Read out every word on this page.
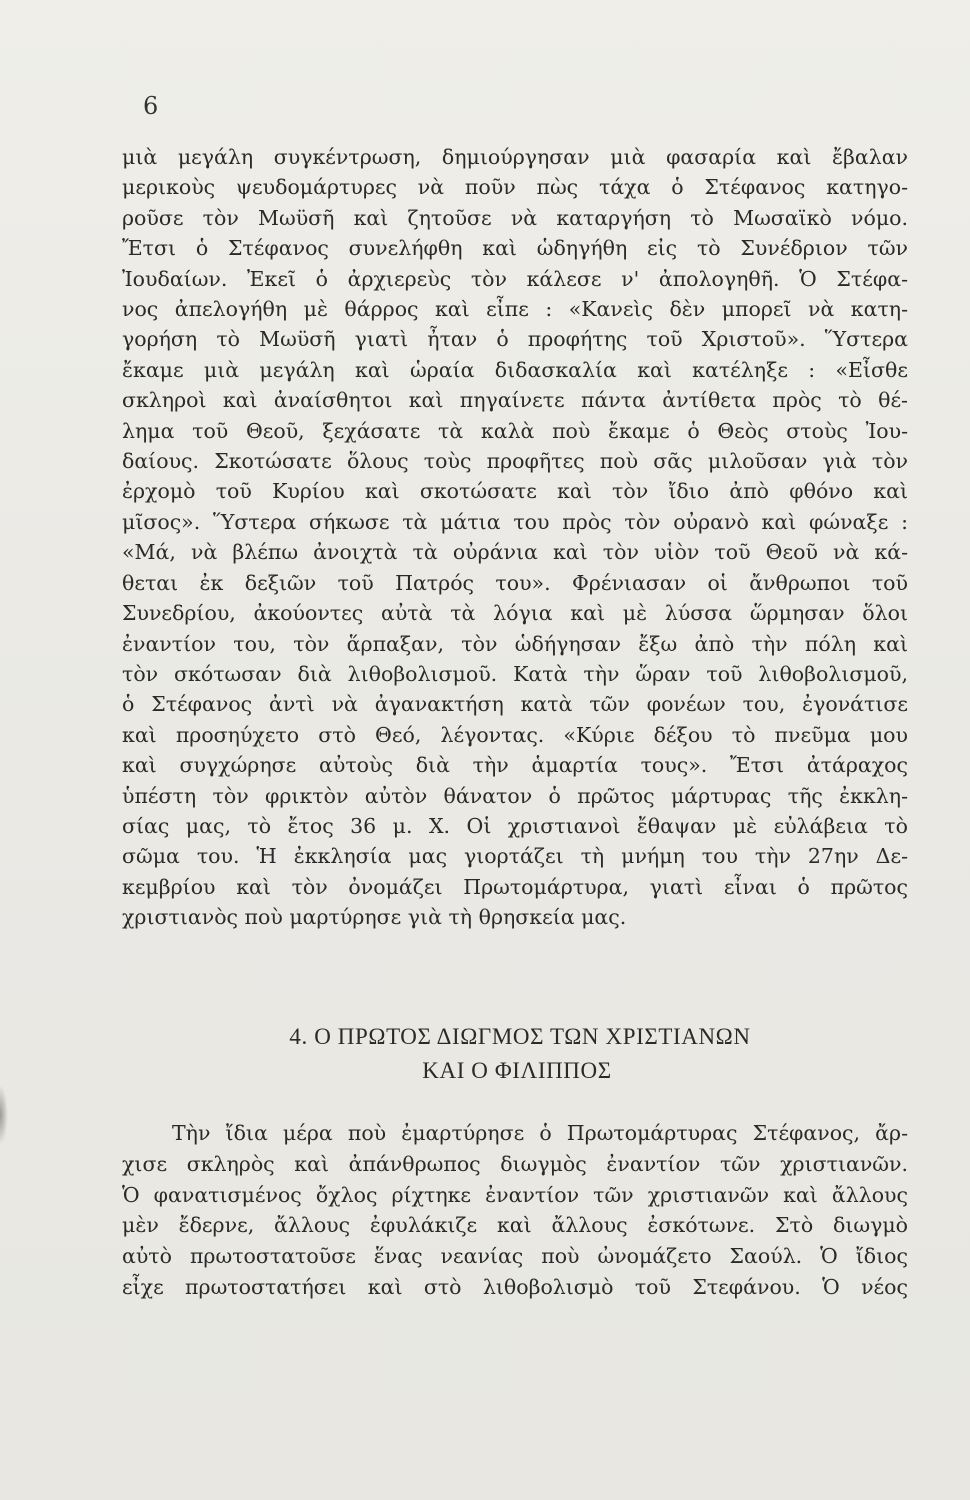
6
μιὰ μεγάλη συγκέντρωση, δημιούργησαν μιὰ φασαρία καὶ ἔβαλαν
μερικοὺς ψευδομάρτυρες νὰ ποῦν πὼς τάχα ὁ Στέφανος κατηγο-
ροῦσε τὸν Μωϋσῆ καὶ ζητοῦσε νὰ καταργήση τὸ Μωσαϊκὸ νόμο.
Ἔτσι ὁ Στέφανος συνελήφθη καὶ ὡδηγήθη εἰς τὸ Συνέδριον τῶν
Ἰουδαίων. Ἐκεῖ ὁ ἀρχιερεὺς τὸν κάλεσε ν' ἀπολογηθῆ. Ὁ Στέφα-
νος ἀπελογήθη μὲ θάρρος καὶ εἶπε : «Κανεὶς δὲν μπορεῖ νὰ κατη-
γορήση τὸ Μωϋσῆ γιατὶ ἦταν ὁ προφήτης τοῦ Χριστοῦ». Ὕστερα
ἔκαμε μιὰ μεγάλη καὶ ὡραία διδασκαλία καὶ κατέληξε : «Εἶσθε
σκληροὶ καὶ ἀναίσθητοι καὶ πηγαίνετε πάντα ἀντίθετα πρὸς τὸ θέ-
λημα τοῦ Θεοῦ, ξεχάσατε τὰ καλὰ ποὺ ἔκαμε ὁ Θεὸς στοὺς Ἰου-
δαίους. Σκοτώσατε ὅλους τοὺς προφῆτες ποὺ σᾶς μιλοῦσαν γιὰ τὸν
ἐρχομὸ τοῦ Κυρίου καὶ σκοτώσατε καὶ τὸν ἴδιο ἀπὸ φθόνο καὶ
μῖσος». Ὕστερα σήκωσε τὰ μάτια του πρὸς τὸν οὐρανὸ καὶ φώναξε :
«Μά, νὰ βλέπω ἀνοιχτὰ τὰ οὐράνια καὶ τὸν υἱὸν τοῦ Θεοῦ νὰ κά-
θεται ἐκ δεξιῶν τοῦ Πατρός του». Φρένιασαν οἱ ἄνθρωποι τοῦ
Συνεδρίου, ἀκούοντες αὐτὰ τὰ λόγια καὶ μὲ λύσσα ὥρμησαν ὅλοι
ἐναντίον του, τὸν ἅρπαξαν, τὸν ὡδήγησαν ἔξω ἀπὸ τὴν πόλη καὶ
τὸν σκότωσαν διὰ λιθοβολισμοῦ. Κατὰ τὴν ὥραν τοῦ λιθοβολισμοῦ,
ὁ Στέφανος ἀντὶ νὰ ἀγανακτήση κατὰ τῶν φονέων του, ἐγονάτισε
καὶ προσηύχετο στὸ Θεό, λέγοντας. «Κύριε δέξου τὸ πνεῦμα μου
καὶ συγχώρησε αὐτοὺς διὰ τὴν ἁμαρτία τους». Ἔτσι ἀτάραχος
ὑπέστη τὸν φρικτὸν αὐτὸν θάνατον ὁ πρῶτος μάρτυρας τῆς ἐκκλη-
σίας μας, τὸ ἔτος 36 μ. Χ. Οἱ χριστιανοὶ ἔθαψαν μὲ εὐλάβεια τὸ
σῶμα του. Ἡ ἐκκλησία μας γιορτάζει τὴ μνήμη του τὴν 27ην Δε-
κεμβρίου καὶ τὸν ὀνομάζει Πρωτομάρτυρα, γιατὶ εἶναι ὁ πρῶτος
χριστιανὸς ποὺ μαρτύρησε γιὰ τὴ θρησκεία μας.
4. Ο ΠΡΩΤΟΣ ΔΙΩΓΜΟΣ ΤΩΝ ΧΡΙΣΤΙΑΝΩΝ
ΚΑΙ Ο ΦΙΛΙΠΠΟΣ
Τὴν ἴδια μέρα ποὺ ἐμαρτύρησε ὁ Πρωτομάρτυρας Στέφανος, ἄρ-
χισε σκληρὸς καὶ ἀπάνθρωπος διωγμὸς ἐναντίον τῶν χριστιανῶν.
Ὁ φανατισμένος ὄχλος ρίχτηκε ἐναντίον τῶν χριστιανῶν καὶ ἄλλους
μὲν ἔδερνε, ἄλλους ἐφυλάκιζε καὶ ἄλλους ἐσκότωνε. Στὸ διωγμὸ
αὐτὸ πρωτοστατοῦσε ἕνας νεανίας ποὺ ὠνομάζετο Σαούλ. Ὁ ἴδιος
εἶχε πρωτοστατήσει καὶ στὸ λιθοβολισμὸ τοῦ Στεφάνου. Ὁ νέος
